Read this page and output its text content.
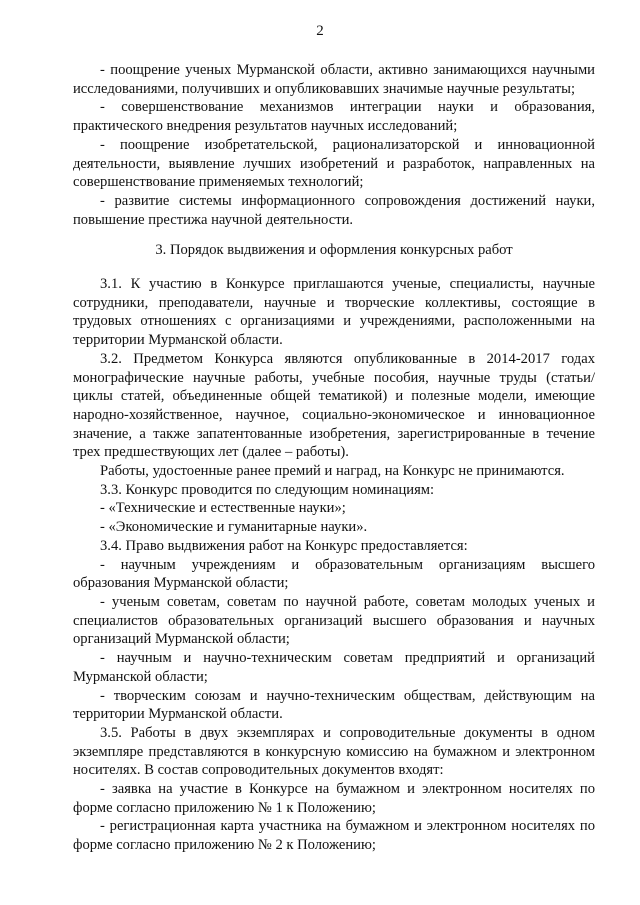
2

- поощрение ученых Мурманской области, активно занимающихся научными исследованиями, получивших и опубликовавших значимые научные результаты;

- совершенствование механизмов интеграции науки и образования, практического внедрения результатов научных исследований;

- поощрение изобретательской, рационализаторской и инновационной деятельности, выявление лучших изобретений и разработок, направленных на совершенствование применяемых технологий;

- развитие системы информационного сопровождения достижений науки, повышение престижа научной деятельности.

3. Порядок выдвижения и оформления конкурсных работ

3.1. К участию в Конкурсе приглашаются ученые, специалисты, научные сотрудники, преподаватели, научные и творческие коллективы, состоящие в трудовых отношениях с организациями и учреждениями, расположенными на территории Мурманской области.

3.2. Предметом Конкурса являются опубликованные в 2014-2017 годах монографические научные работы, учебные пособия, научные труды (статьи/циклы статей, объединенные общей тематикой) и полезные модели, имеющие народно-хозяйственное, научное, социально-экономическое и инновационное значение, а также запатентованные изобретения, зарегистрированные в течение трех предшествующих лет (далее – работы).

Работы, удостоенные ранее премий и наград, на Конкурс не принимаются.

3.3. Конкурс проводится по следующим номинациям:

- «Технические и естественные науки»;

- «Экономические и гуманитарные науки».

3.4. Право выдвижения работ на Конкурс предоставляется:

- научным учреждениям и образовательным организациям высшего образования Мурманской области;

- ученым советам, советам по научной работе, советам молодых ученых и специалистов образовательных организаций высшего образования и научных организаций Мурманской области;

- научным и научно-техническим советам предприятий и организаций Мурманской области;

- творческим союзам и научно-техническим обществам, действующим на территории Мурманской области.

3.5. Работы в двух экземплярах и сопроводительные документы в одном экземпляре представляются в конкурсную комиссию на бумажном и электронном носителях. В состав сопроводительных документов входят:

- заявка на участие в Конкурсе на бумажном и электронном носителях по форме согласно приложению № 1 к Положению;

- регистрационная карта участника на бумажном и электронном носителях по форме согласно приложению № 2 к Положению;
